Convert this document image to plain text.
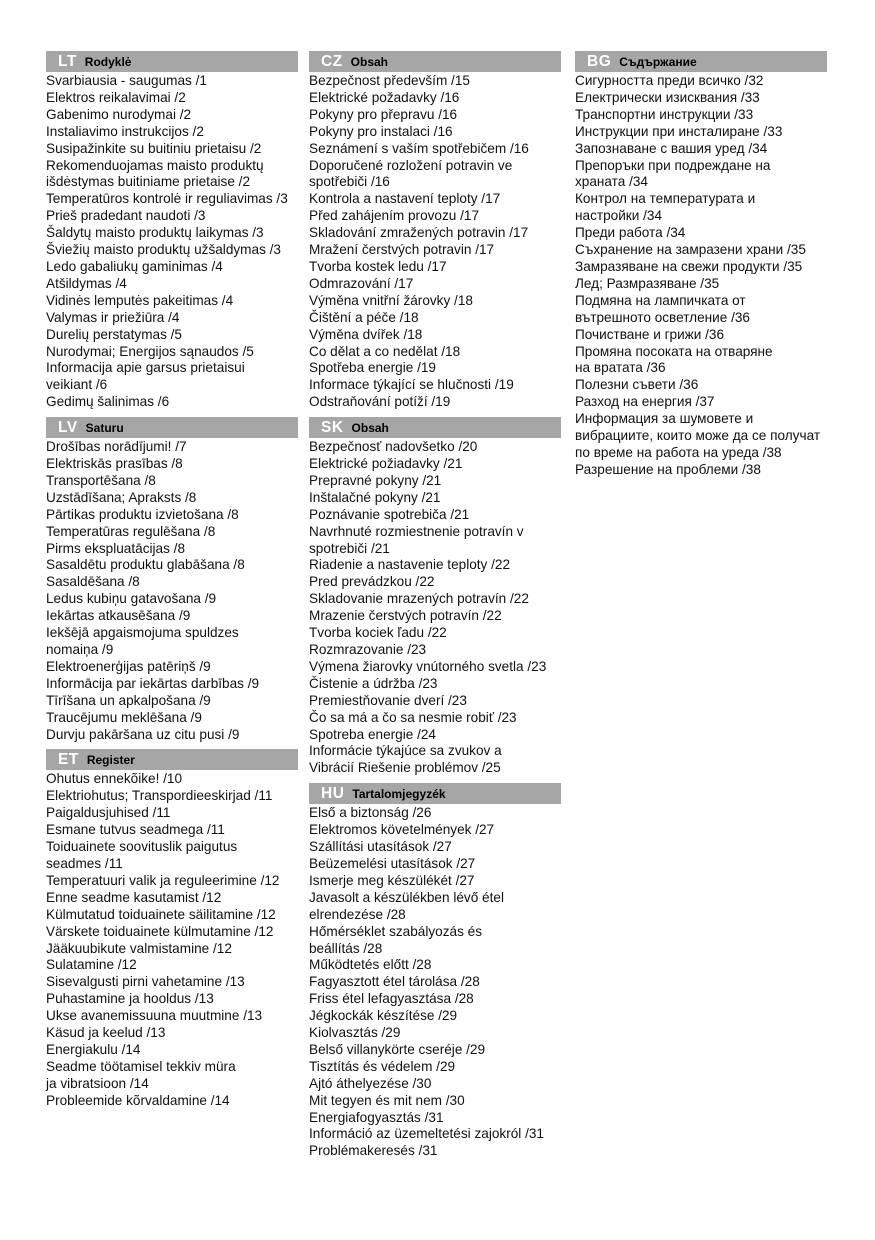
LT Rodyklė
Svarbiausia - saugumas /1
Elektros reikalavimai /2
Gabenimo nurodymai /2
Instaliavimo instrukcijos /2
Susipažinkite su buitiniu prietaisu /2
Rekomenduojamas maisto produktų
išdėstymas buitiniame prietaise /2
Temperatūros kontrolė ir reguliavimas /3
Prieš pradedant naudoti /3
Šaldytų maisto produktų laikymas /3
Šviežių maisto produktų užšaldymas /3
Ledo gabaliukų gaminimas /4
Atšildymas /4
Vidinės lemputės pakeitimas /4
Valymas ir priežiūra /4
Durelių perstatymas /5
Nurodymai; Energijos sąnaudos /5
Informacija apie garsus prietaisui
veikiant /6
Gedimų šalinimas /6
LV Saturu
Drošības norādījumi! /7
Elektriskās prasības /8
Transportēšana /8
Uzstādīšana; Apraksts /8
Pārtikas produktu izvietošana /8
Temperatūras regulēšana /8
Pirms ekspluatācijas /8
Sasaldētu produktu glabāšana /8
Sasaldēšana /8
Ledus kubiņu gatavošana /9
Iekārtas atkausēšana /9
Iekšējā apgaismojuma spuldzes
nomaiņa /9
Elektroenerģijas patēriņš /9
Informācija par iekārtas darbības /9
Tīrīšana un apkalpošana /9
Traucējumu meklēšana /9
Durvju pakāršana uz citu pusi /9
ET Register
Ohutus ennekõike! /10
Elektriohutus; Transpordieeskirjad /11
Paigaldusjuhised /11
Esmane tutvus seadmega /11
Toiduainete soovituslik paigutus
seadmes /11
Temperatuuri valik ja reguleerimine /12
Enne seadme kasutamist /12
Külmutatud toiduainete säilitamine /12
Värskete toiduainete külmutamine /12
Jääkuubikute valmistamine /12
Sulatamine /12
Sisevalgusti pirni vahetamine /13
Puhastamine ja hooldus /13
Ukse avanemissuuna muutmine /13
Käsud ja keelud /13
Energiakulu /14
Seadme töötamisel tekkiv müra
ja vibratsioon /14
Probleemide kõrvaldamine /14
CZ Obsah
Bezpečnost především /15
Elektrické požadavky /16
Pokyny pro přepravu /16
Pokyny pro instalaci /16
Seznámení s vaším spotřebičem /16
Doporučené rozložení potravin ve
spotřebiči /16
Kontrola a nastavení teploty /17
Před zahájením provozu /17
Skladování zmražených potravin /17
Mražení čerstvých potravin /17
Tvorba kostek ledu /17
Odmrazování /17
Výměna vnitřní žárovky /18
Čištění a péče /18
Výměna dvířek /18
Co dělat a co nedělat /18
Spotřeba energie /19
Informace týkající se hlučnosti /19
Odstraňování potíží /19
SK Obsah
Bezpečnosť nadovšetko /20
Elektrické požiadavky /21
Prepravné pokyny /21
Inštalačné pokyny /21
Poznávanie spotrebiča /21
Navrhnuté rozmiestnenie potravín v
spotrebiči /21
Riadenie a nastavenie teploty /22
Pred prevádzkou /22
Skladovanie mrazených potravín /22
Mrazenie čerstvých potravín /22
Tvorba kociek ľadu /22
Rozmrazovanie /23
Výmena žiarovky vnútorného svetla /23
Čistenie a údržba /23
Premiestňovanie dverí /23
Čo sa má a čo sa nesmie robiť /23
Spotreba energie /24
Informácie týkajúce sa zvukov a
Vibrácií Riešenie problémov /25
HU Tartalomjegyzék
Első a biztonság /26
Elektromos követelmények /27
Szállítási utasítások /27
Beüzemelési utasítások /27
Ismerje meg készülékét /27
Javasolt a készülékben lévő étel
elrendezése /28
Hőmérséklet szabályozás és
beállítás /28
Működtetés előtt /28
Fagyasztott étel tárolása /28
Friss étel lefagyasztása /28
Jégkockák készítése /29
Kiolvasztás /29
Belső villanykörte cseréje /29
Tisztítás és védelem /29
Ajtó áthelyezése /30
Mit tegyen és mit nem /30
Energiafogyasztás /31
Információ az üzemeltetési zajokról /31
Problémakeresés /31
BG Съдържание
Сигурността преди всичко /32
Електрически изисквания /33
Транспортни инструкции /33
Инструкции при инсталиране /33
Запознаване с вашия уред /34
Препоръки при подреждане на
храната /34
Контрол на температурата и
настройки /34
Преди работа /34
Съхранение на замразени храни /35
Замразяване на свежи продукти /35
Лед; Размразяване /35
Подмяна на лампичката от
вътрешното осветление /36
Почистване и грижи /36
Промяна посоката на отваряне
на вратата /36
Полезни съвети /36
Разход на енергия /37
Информация за шумовете и
вибрациите, които може да се получат
по време на работа на уреда /38
Разрешение на проблеми /38
